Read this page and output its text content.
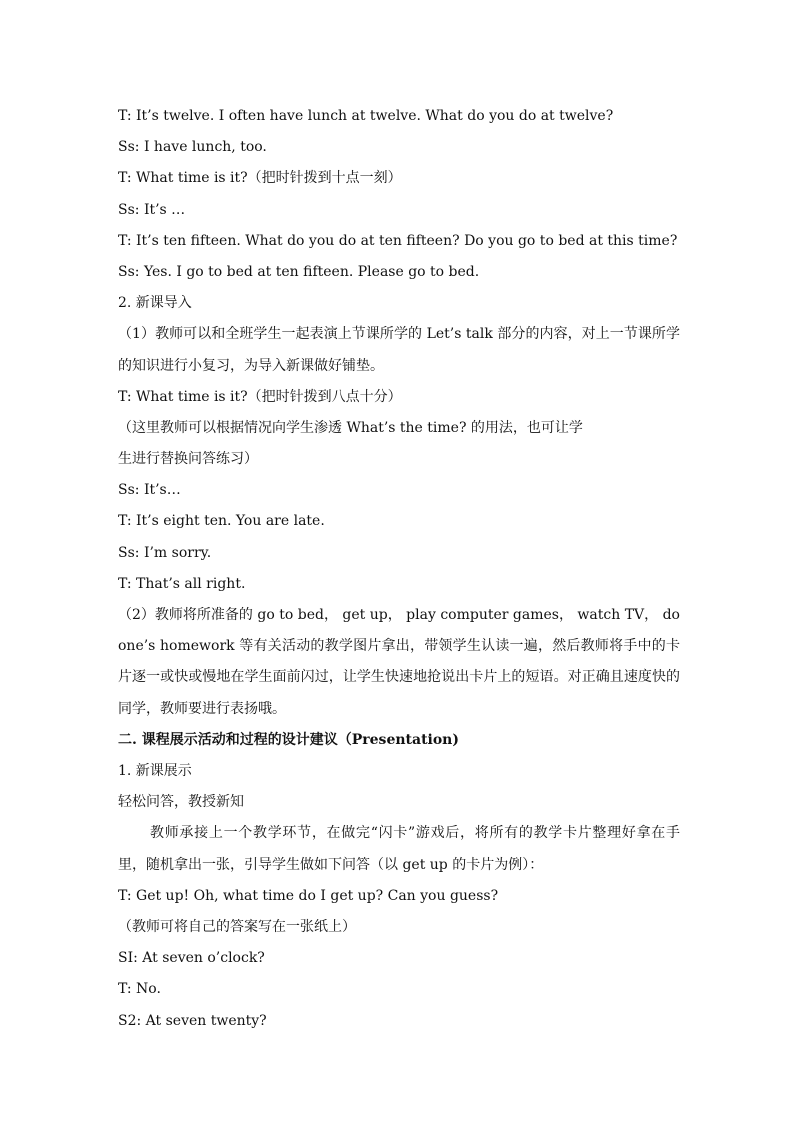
T: It’s twelve. I often have lunch at twelve. What do you do at twelve?
Ss: I have lunch, too.
T: What time is it?（把时针拨到十点一刻）
Ss: It’s …
T: It’s ten fifteen. What do you do at ten fifteen? Do you go to bed at this time?
Ss: Yes. I go to bed at ten fifteen. Please go to bed.
2. 新课导入
（1）教师可以和全班学生一起表演上节课所学的 Let’s talk 部分的内容，对上一节课所学的知识进行小复习，为导入新课做好铺垫。
T: What time is it?（把时针拨到八点十分）
（这里教师可以根据情况向学生渗透 What’s the time? 的用法，也可让学
生进行替换问答练习）
Ss: It’s…
T: It’s eight ten. You are late.
Ss: I’m sorry.
T: That’s all right.
（2）教师将所准备的 go to bed， get up， play computer games， watch TV， do one’s homework 等有关活动的教学图片拿出，带领学生认读一遍，然后教师将手中的卡片逐一或快或慢地在学生面前闪过，让学生快速地抢说出卡片上的短语。对正确且速度快的同学，教师要进行表扬哦。
二. 课程展示活动和过程的设计建议（Presentation)
1. 新课展示
轻松问答，教授新知
教师承接上一个教学环节，在做完“闪卡”游戏后，将所有的教学卡片整理好拿在手里，随机拿出一张，引导学生做如下问答（以 get up 的卡片为例）：
T: Get up! Oh, what time do I get up? Can you guess?
（教师可将自己的答案写在一张纸上）
SI: At seven o’clock?
T: No.
S2: At seven twenty?
